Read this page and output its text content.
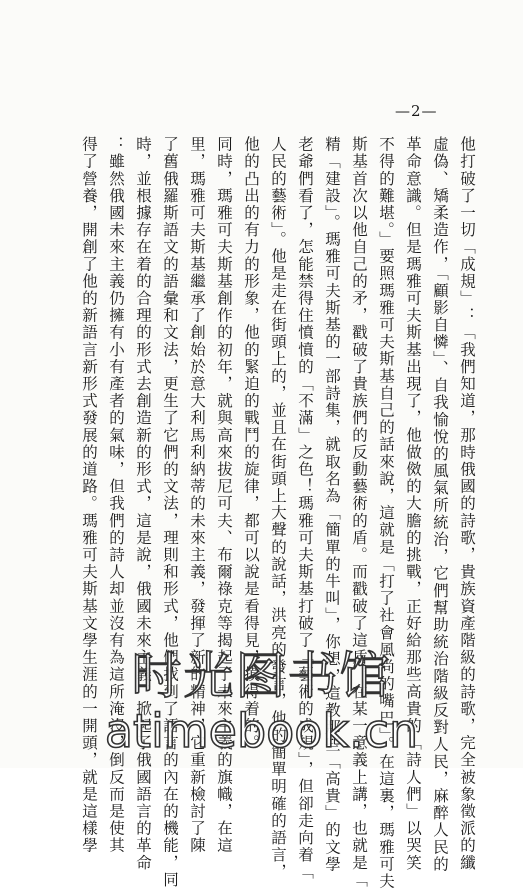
—2—
他打破了一切「成規」：「我們知道，那時俄國的詩歌，貴族資產階級的詩歌，完全被象徵派的纖
虛偽、矯柔造作，「顧影自憐」、自我愉悅的風氣所統治，它們幫助統治階級反對人民，麻醉人民的
革命意識。但是瑪雅可夫斯基出現了，他做傚的大膽的挑戰，正好給那些高貴的「詩人們」以哭笑
不得的難堪。」要照瑪雅可夫斯基自己的話來說，這就是「打了社會風尚的嘴巴」。在這裏，瑪雅可夫
斯基首次以他自己的矛，戳破了貴族們的反動藝術的盾。而戳破了這盾，在某一意義上講，也就是「
精「建設」。瑪雅可夫斯基的一部詩集，就取名為「簡單的牛叫」，你想，這教那些「高貴」的文學
老爺們看了，怎能禁得住憤憤的「不滿」之色！瑪雅可夫斯基打破了「藝術的成規」，但卻走向着「
人民的藝術」。他是走在街頭上的，並且在街頭上大聲的說話，洪亮的發言，他的簡單明確的語言，
他的凸出的有力的形象，他的緊迫的戰鬥的旋律，都可以說是看得見，摸得着的。
同時，瑪雅可夫斯基創作的初年，就與高來拔尼可夫、布爾祿克等揭起了未來主義的旗幟，在這
里，瑪雅可夫斯基繼承了創始於意大利馬利納蒂的未來主義，發揮了新的精神，它重新檢討了陳
了舊俄羅斯語文的語彙和文法，更生了它們的文法，理則和形式，他們找到了語言的內在的機能，同
時，並根據存在着的合理的形式去創造新的形式，這是說，俄國未來主義，掀起了俄國語言的革命
：雖然俄國未來主義仍擁有小有產者的氣味，但我們的詩人却並沒有為這所淹沒，倒反而是使其
得了營養，開創了他的新語言新形式發展的道路。瑪雅可夫斯基文學生涯的一開頭，就是這樣學 时光图书馆
atimebook.cn
